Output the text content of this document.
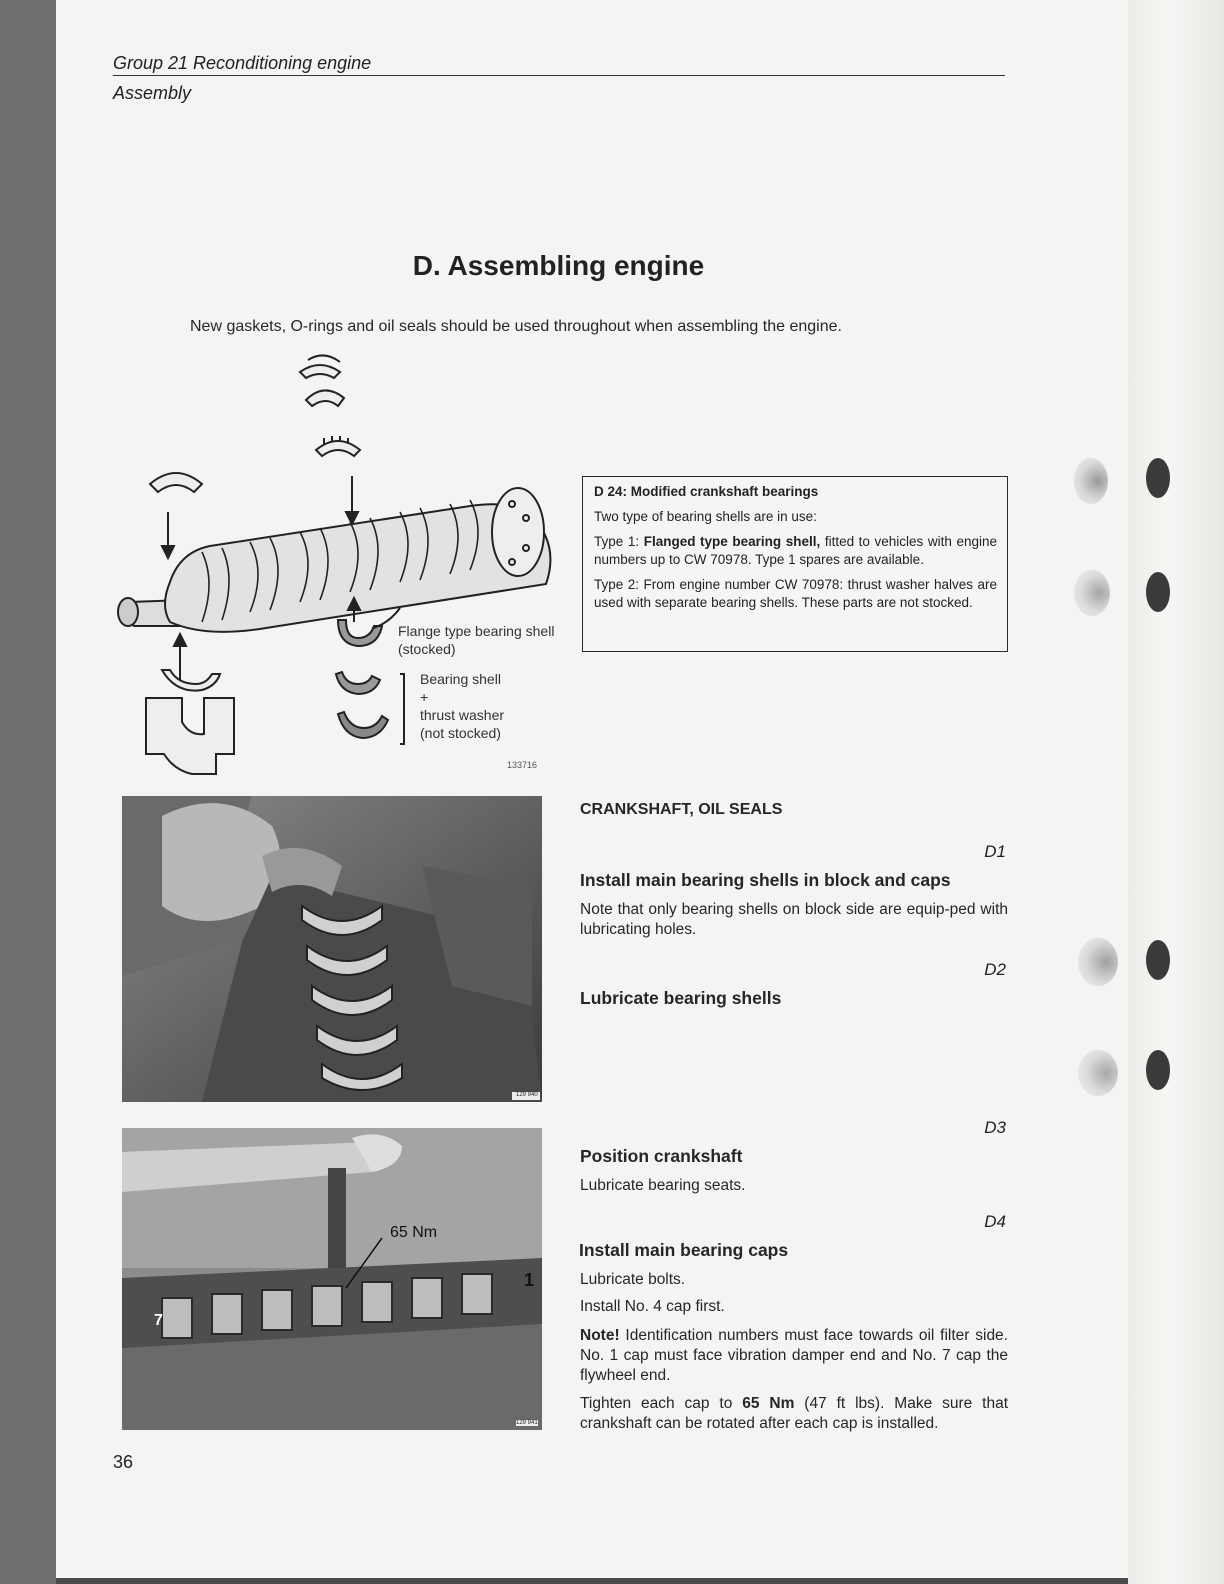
Group 21 Reconditioning engine
Assembly
D. Assembling engine
New gaskets, O-rings and oil seals should be used throughout when assembling the engine.
Flange type bearing shell
(stocked)
Bearing shell
+
thrust washer
(not stocked)
133716

D 24: Modified crankshaft bearings

Two type of bearing shells are in use:

Type 1: Flanged type bearing shell, fitted to vehicles with engine numbers up to CW 70978. Type 1 spares are available.

Type 2: From engine number CW 70978: thrust washer halves are used with separate bearing shells. These parts are not stocked.

129 940
65 Nm
1
7
129 941
CRANKSHAFT, OIL SEALS
D1
Install main bearing shells in block and caps
Note that only bearing shells on block side are equip-ped with lubricating holes.
D2
Lubricate bearing shells
D3
Position crankshaft
Lubricate bearing seats.
D4
Install main bearing caps
Lubricate bolts.
Install No. 4 cap first.
Note! Identification numbers must face towards oil filter side. No. 1 cap must face vibration damper end and No. 7 cap the flywheel end.
Tighten each cap to 65 Nm (47 ft lbs). Make sure that crankshaft can be rotated after each cap is installed.
36
